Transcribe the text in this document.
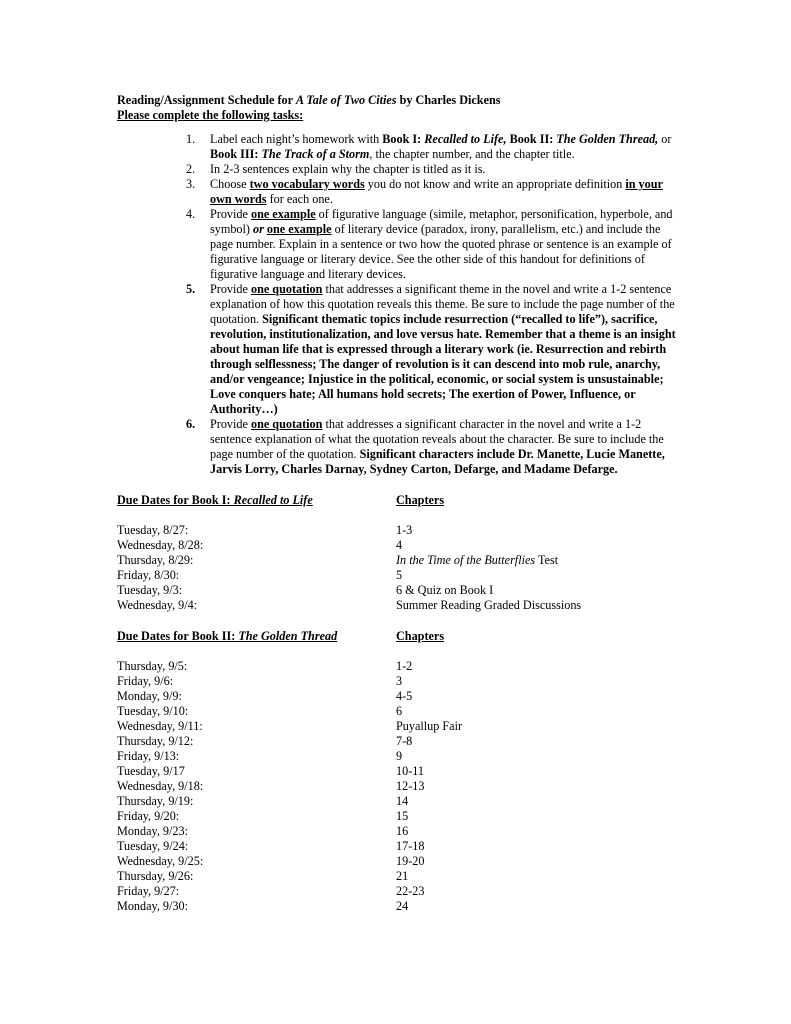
Reading/Assignment Schedule for A Tale of Two Cities by Charles Dickens
Please complete the following tasks:
1. Label each night’s homework with Book I: Recalled to Life, Book II: The Golden Thread, or Book III: The Track of a Storm, the chapter number, and the chapter title.
2. In 2-3 sentences explain why the chapter is titled as it is.
3. Choose two vocabulary words you do not know and write an appropriate definition in your own words for each one.
4. Provide one example of figurative language (simile, metaphor, personification, hyperbole, and symbol) or one example of literary device (paradox, irony, parallelism, etc.) and include the page number. Explain in a sentence or two how the quoted phrase or sentence is an example of figurative language or literary device. See the other side of this handout for definitions of figurative language and literary devices.
5. Provide one quotation that addresses a significant theme in the novel and write a 1-2 sentence explanation of how this quotation reveals this theme. Be sure to include the page number of the quotation. Significant thematic topics include resurrection (“recalled to life”), sacrifice, revolution, institutionalization, and love versus hate. Remember that a theme is an insight about human life that is expressed through a literary work (ie. Resurrection and rebirth through selflessness; The danger of revolution is it can descend into mob rule, anarchy, and/or vengeance; Injustice in the political, economic, or social system is unsustainable; Love conquers hate; All humans hold secrets; The exertion of Power, Influence, or Authority…)
6. Provide one quotation that addresses a significant character in the novel and write a 1-2 sentence explanation of what the quotation reveals about the character. Be sure to include the page number of the quotation. Significant characters include Dr. Manette, Lucie Manette, Jarvis Lorry, Charles Darnay, Sydney Carton, Defarge, and Madame Defarge.
Due Dates for Book I: Recalled to Life	Chapters
Tuesday, 8/27:	1-3
Wednesday, 8/28:	4
Thursday, 8/29:	In the Time of the Butterflies Test
Friday, 8/30:	5
Tuesday, 9/3:	6 & Quiz on Book I
Wednesday, 9/4:	Summer Reading Graded Discussions
Due Dates for Book II: The Golden Thread	Chapters
Thursday, 9/5:	1-2
Friday, 9/6:	3
Monday, 9/9:	4-5
Tuesday, 9/10:	6
Wednesday, 9/11:	Puyallup Fair
Thursday, 9/12:	7-8
Friday, 9/13:	9
Tuesday, 9/17	10-11
Wednesday, 9/18:	12-13
Thursday, 9/19:	14
Friday, 9/20:	15
Monday, 9/23:	16
Tuesday, 9/24:	17-18
Wednesday, 9/25:	19-20
Thursday, 9/26:	21
Friday, 9/27:	22-23
Monday, 9/30:	24
